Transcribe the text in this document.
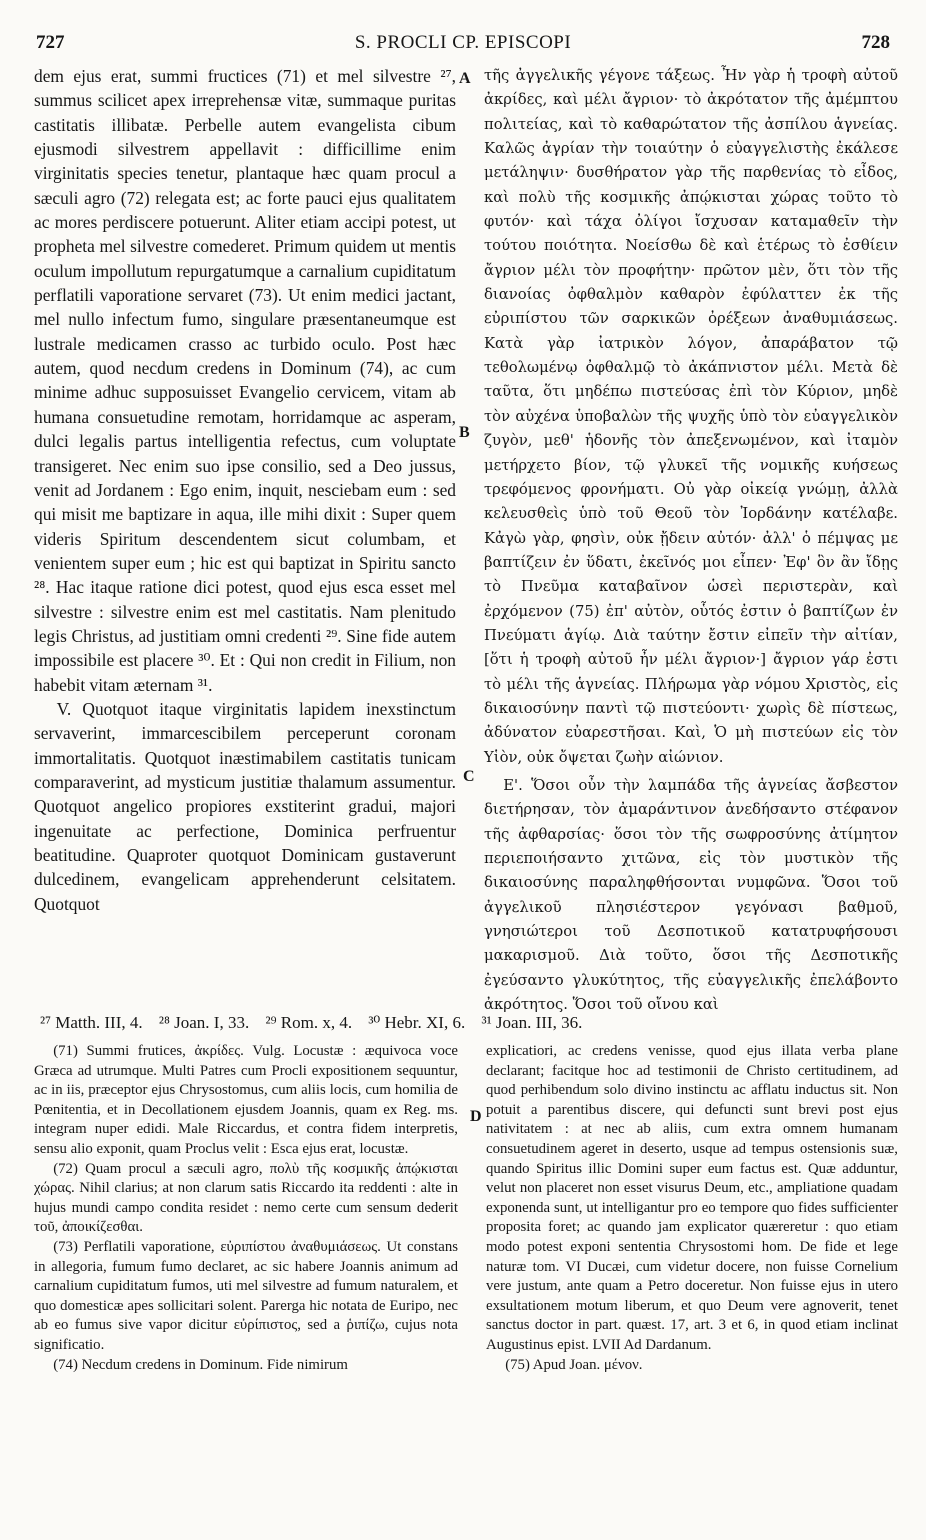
727	S. PROCLI CP. EPISCOPI	728

dem ejus erat, summi fructices (71) et mel silvestre ²⁷, summus scilicet apex irreprehensæ vitæ, summaque puritas castitatis illibatæ. Perbelle autem evangelista cibum ejusmodi silvestrem appellavit : difficillime enim virginitatis species tenetur, plantaque hæc quam procul a sæculi agro (72) relegata est; ac forte pauci ejus qualitatem ac mores perdiscere potuerunt. Aliter etiam accipi potest, ut propheta mel silvestre comederet. Primum quidem ut mentis oculum impollutum repurgatumque a carnalium cupiditatum perflatili vaporatione servaret (73). Ut enim medici jactant, mel nullo infectum fumo, singulare præsentaneumque est lustrale medicamen crasso ac turbido oculo. Post hæc autem, quod necdum credens in Dominum (74), ac cum minime adhuc supposuisset Evangelio cervicem, vitam ab humana consuetudine remotam, horridamque ac asperam, dulci legalis partus intelligentia refectus, cum voluptate transigeret. Nec enim suo ipse consilio, sed a Deo jussus, venit ad Jordanem : Ego enim, inquit, nesciebam eum : sed qui misit me baptizare in aqua, ille mihi dixit : Super quem videris Spiritum descendentem sicut columbam, et venientem super eum ; hic est qui baptizat in Spiritu sancto ²⁸. Hac itaque ratione dici potest, quod ejus esca esset mel silvestre : silvestre enim est mel castitatis. Nam plenitudo legis Christus, ad justitiam omni credenti ²⁹. Sine fide autem impossibile est placere ³⁰. Et : Qui non credit in Filium, non habebit vitam æternam ³¹.

V. Quotquot itaque virginitatis lapidem inexstinctum servaverint, immarcescibilem perceperunt coronam immortalitatis. Quotquot inæstimabilem castitatis tunicam comparaverint, ad mysticum justitiæ thalamum assumentur. Quotquot angelico propiores exstiterint gradui, majori ingenuitate ac perfectione, Dominica perfruentur beatitudine. Quaproter quotquot Dominicam gustaverunt dulcedinem, evangelicam apprehenderunt celsitatem. Quotquot

A
B
C
D

τῆς ἀγγελικῆς γέγονε τάξεως. Ἦν γὰρ ἡ τροφὴ αὐτοῦ ἀκρίδες, καὶ μέλι ἄγριον· τὸ ἀκρότατον τῆς ἀμέμπτου πολιτείας, καὶ τὸ καθαρώτατον τῆς ἀσπίλου ἁγνείας. Καλῶς ἀγρίαν τὴν τοιαύτην ὁ εὐαγγελιστὴς ἐκάλεσε μετάληψιν· δυσθήρατον γὰρ τῆς παρθενίας τὸ εἶδος, καὶ πολὺ τῆς κοσμικῆς ἀπῴκισται χώρας τοῦτο τὸ φυτόν· καὶ τάχα ὀλίγοι ἴσχυσαν καταμαθεῖν τὴν τούτου ποιότητα. Νοείσθω δὲ καὶ ἑτέρως τὸ ἐσθίειν ἄγριον μέλι τὸν προφήτην· πρῶτον μὲν, ὅτι τὸν τῆς διανοίας ὀφθαλμὸν καθαρὸν ἐφύλαττεν ἐκ τῆς εὐριπίστου τῶν σαρκικῶν ὀρέξεων ἀναθυμιάσεως. Κατὰ γὰρ ἰατρικὸν λόγον, ἀπαράβατον τῷ τεθολωμένῳ ὀφθαλμῷ τὸ ἀκάπνιστον μέλι. Μετὰ δὲ ταῦτα, ὅτι μηδέπω πιστεύσας ἐπὶ τὸν Κύριον, μηδὲ τὸν αὐχένα ὑποβαλὼν τῆς ψυχῆς ὑπὸ τὸν εὐαγγελικὸν ζυγὸν, μεθ' ἡδονῆς τὸν ἀπεξενωμένον, καὶ ἰταμὸν μετήρχετο βίον, τῷ γλυκεῖ τῆς νομικῆς κυήσεως τρεφόμενος φρονήματι. Οὐ γὰρ οἰκείᾳ γνώμῃ, ἀλλὰ κελευσθεὶς ὑπὸ τοῦ Θεοῦ τὸν Ἰορδάνην κατέλαβε. Κἀγὼ γὰρ, φησὶν, οὐκ ᾔδειν αὐτόν· ἀλλ' ὁ πέμψας με βαπτίζειν ἐν ὕδατι, ἐκεῖνός μοι εἶπεν· Ἐφ' ὃν ἂν ἴδῃς τὸ Πνεῦμα καταβαῖνον ὡσεὶ περιστερὰν, καὶ ἐρχόμενον (75) ἐπ' αὐτὸν, οὗτός ἐστιν ὁ βαπτίζων ἐν Πνεύματι ἁγίῳ. Διὰ ταύτην ἔστιν εἰπεῖν τὴν αἰτίαν, [ὅτι ἡ τροφὴ αὐτοῦ ἦν μέλι ἄγριον·] ἄγριον γάρ ἐστι τὸ μέλι τῆς ἁγνείας. Πλήρωμα γὰρ νόμου Χριστὸς, εἰς δικαιοσύνην παντὶ τῷ πιστεύοντι· χωρὶς δὲ πίστεως, ἀδύνατον εὐαρεστῆσαι. Καὶ, Ὁ μὴ πιστεύων εἰς τὸν Υἱὸν, οὐκ ὄψεται ζωὴν αἰώνιον.

Ε'. Ὅσοι οὖν τὴν λαμπάδα τῆς ἁγνείας ἄσβεστον διετήρησαν, τὸν ἀμαράντινον ἀνεδήσαντο στέφανον τῆς ἀφθαρσίας· ὅσοι τὸν τῆς σωφροσύνης ἀτίμητον περιεποιήσαντο χιτῶνα, εἰς τὸν μυστικὸν τῆς δικαιοσύνης παραληφθήσονται νυμφῶνα. Ὅσοι τοῦ ἀγγελικοῦ πλησιέστερον γεγόνασι βαθμοῦ, γνησιώτεροι τοῦ Δεσποτικοῦ κατατρυφήσουσι μακαρισμοῦ. Διὰ τοῦτο, ὅσοι τῆς Δεσποτικῆς ἐγεύσαντο γλυκύτητος, τῆς εὐαγγελικῆς ἐπελάβοντο ἀκρότητος. Ὅσοι τοῦ οἴνου καὶ

²⁷ Matth. III, 4. ²⁸ Joan. I, 33. ²⁹ Rom. x, 4. ³⁰ Hebr. XI, 6. ³¹ Joan. III, 36.

(71) Summi frutices, ἀκρίδες. Vulg. Locustæ : æquivoca voce Græca ad utrumque. Multi Patres cum Procli expositionem sequuntur, ac in iis, præceptor ejus Chrysostomus, cum aliis locis, cum homilia de Pœnitentia, et in Decollationem ejusdem Joannis, quam ex Reg. ms. integram nuper edidi. Male Riccardus, et contra fidem interpretis, sensu alio exponit, quam Proclus velit : Esca ejus erat, locustæ.

(72) Quam procul a sæculi agro, πολὺ τῆς κοσμικῆς ἀπῴκισται χώρας. Nihil clarius; at non clarum satis Riccardo ita reddenti : alte in hujus mundi campo condita residet : nemo certe cum sensum dederit τοῦ, ἀποικίζεσθαι.

(73) Perflatili vaporatione, εὐριπίστου ἀναθυμιάσεως. Ut constans in allegoria, fumum fumo declaret, ac sic habere Joannis animum ad carnalium cupiditatum fumos, uti mel silvestre ad fumum naturalem, et quo domesticæ apes sollicitari solent. Parerga hic notata de Euripo, nec ab eo fumus sive vapor dicitur εὐρίπιστος, sed a ῥιπίζω, cujus nota significatio.

(74) Necdum credens in Dominum. Fide nimirum

explicatiori, ac credens venisse, quod ejus illata verba plane declarant; facitque hoc ad testimonii de Christo certitudinem, ad quod perhibendum solo divino instinctu ac afflatu inductus sit. Non potuit a parentibus discere, qui defuncti sunt brevi post ejus nativitatem : at nec ab aliis, cum extra omnem humanam consuetudinem ageret in deserto, usque ad tempus ostensionis suæ, quando Spiritus illic Domini super eum factus est. Quæ adduntur, velut non placeret non esset visurus Deum, etc., ampliatione quadam exponenda sunt, ut intelligantur pro eo tempore quo fides sufficienter proposita foret; ac quando jam explicator quæreretur : quo etiam modo potest exponi sententia Chrysostomi hom. De fide et lege naturæ tom. VI Ducæi, cum videtur docere, non fuisse Cornelium vere justum, ante quam a Petro doceretur. Non fuisse ejus in utero exsultationem motum liberum, et quo Deum vere agnoverit, tenet sanctus doctor in part. quæst. 17, art. 3 et 6, in quod etiam inclinat Augustinus epist. LVII Ad Dardanum.

(75) Apud Joan. μένον.
